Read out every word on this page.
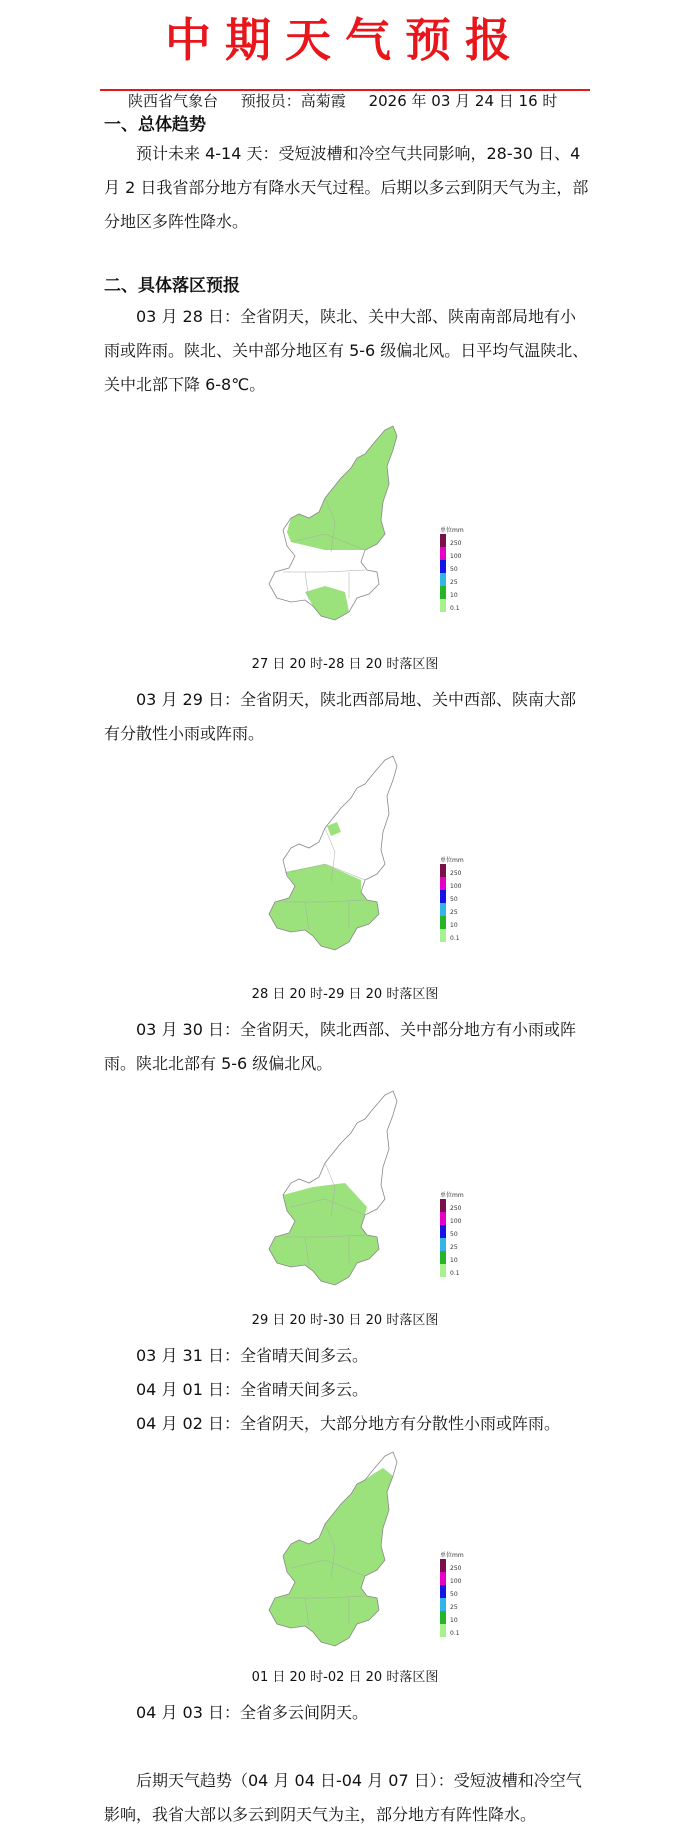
中期天气预报
陕西省气象台 预报员：高菊霞 2026 年 03 月 24 日 16 时
一、总体趋势
预计未来 4-14 天：受短波槽和冷空气共同影响，28-30 日、4 月 2 日我省部分地方有降水天气过程。后期以多云到阴天气为主，部分地区多阵性降水。
二、具体落区预报
03 月 28 日：全省阴天，陕北、关中大部、陕南南部局地有小雨或阵雨。陕北、关中部分地区有 5-6 级偏北风。日平均气温陕北、关中北部下降 6-8℃。
单位mm
250
100
50
25
10
0.1
27 日 20 时-28 日 20 时落区图
03 月 29 日：全省阴天，陕北西部局地、关中西部、陕南大部有分散性小雨或阵雨。
单位mm
250
100
50
25
10
0.1
28 日 20 时-29 日 20 时落区图
03 月 30 日：全省阴天，陕北西部、关中部分地方有小雨或阵雨。陕北北部有 5-6 级偏北风。
单位mm
250
100
50
25
10
0.1
29 日 20 时-30 日 20 时落区图
03 月 31 日：全省晴天间多云。
04 月 01 日：全省晴天间多云。
04 月 02 日：全省阴天，大部分地方有分散性小雨或阵雨。
单位mm
250
100
50
25
10
0.1
01 日 20 时-02 日 20 时落区图
04 月 03 日：全省多云间阴天。
后期天气趋势（04 月 04 日-04 月 07 日）：受短波槽和冷空气影响，我省大部以多云到阴天气为主，部分地方有阵性降水。
